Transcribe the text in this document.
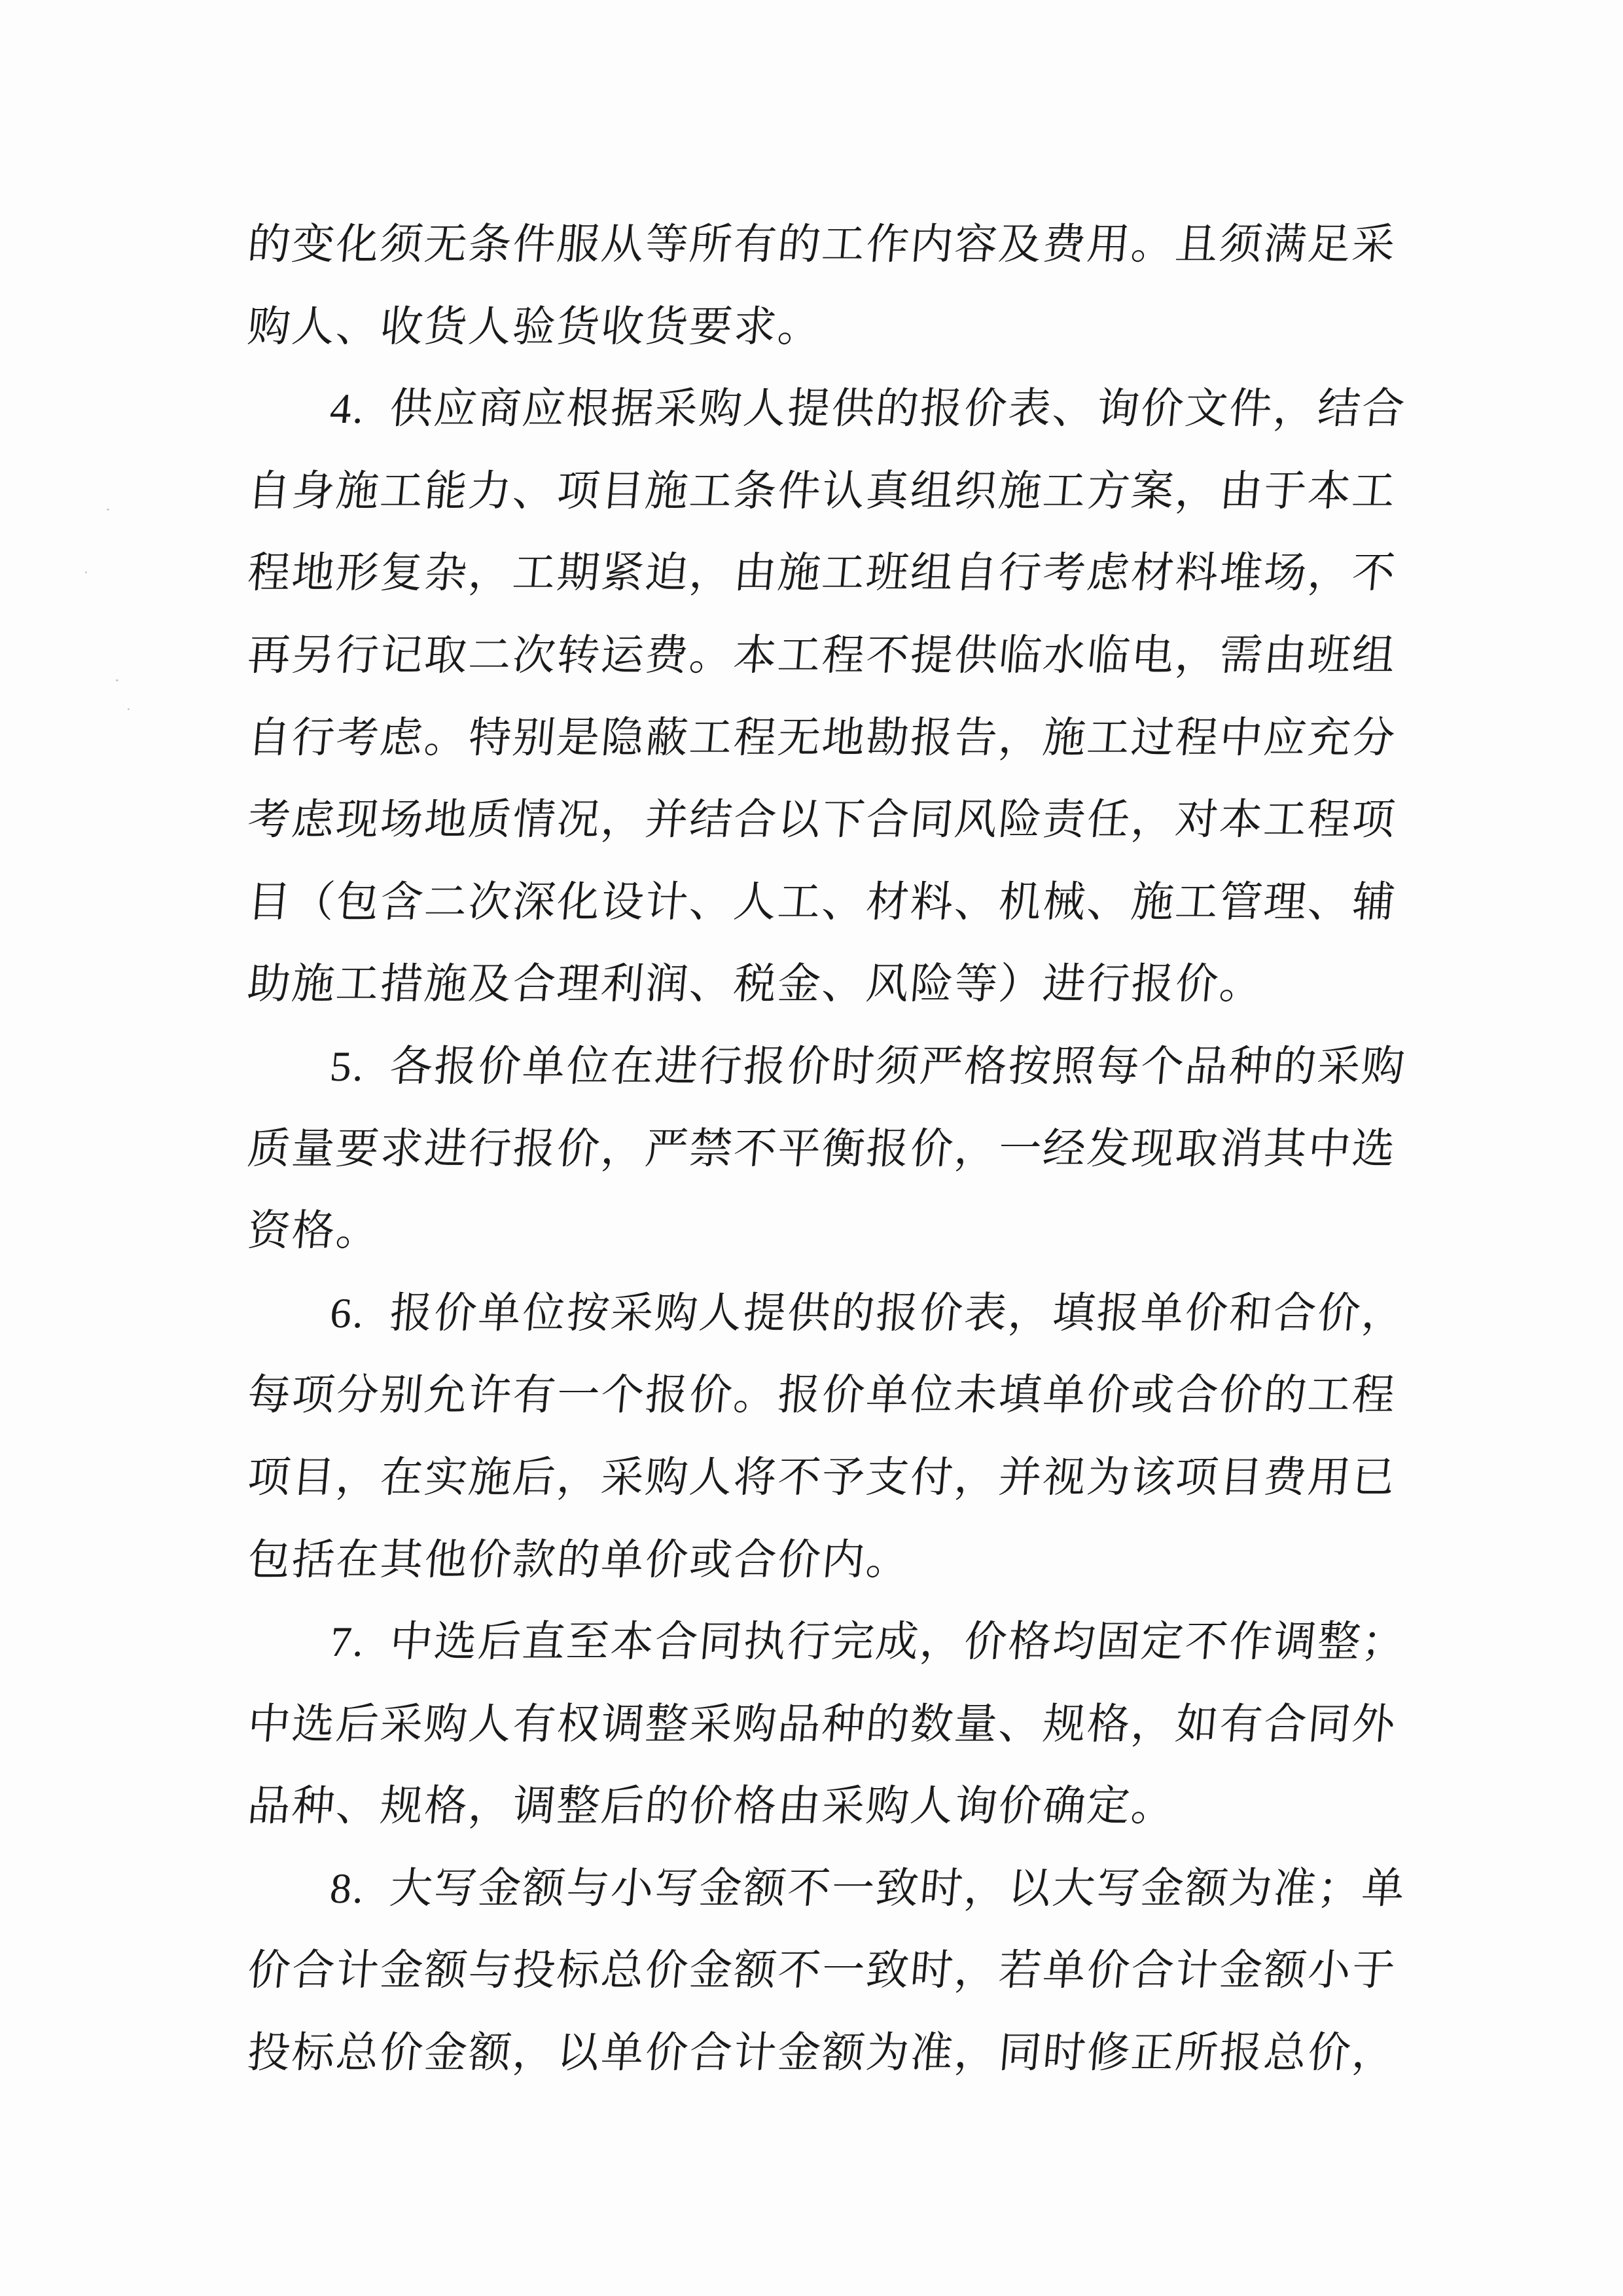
的变化须无条件服从等所有的工作内容及费用。且须满足采
购人、收货人验货收货要求。
4.  供应商应根据采购人提供的报价表、询价文件，结合
自身施工能力、项目施工条件认真组织施工方案，由于本工
程地形复杂，工期紧迫，由施工班组自行考虑材料堆场，不
再另行记取二次转运费。本工程不提供临水临电，需由班组
自行考虑。特别是隐蔽工程无地勘报告，施工过程中应充分
考虑现场地质情况，并结合以下合同风险责任，对本工程项
目（包含二次深化设计、人工、材料、机械、施工管理、辅
助施工措施及合理利润、税金、风险等）进行报价。
5.  各报价单位在进行报价时须严格按照每个品种的采购
质量要求进行报价，严禁不平衡报价，一经发现取消其中选
资格。
6.  报价单位按采购人提供的报价表，填报单价和合价，
每项分别允许有一个报价。报价单位未填单价或合价的工程
项目，在实施后，采购人将不予支付，并视为该项目费用已
包括在其他价款的单价或合价内。
7.  中选后直至本合同执行完成，价格均固定不作调整；
中选后采购人有权调整采购品种的数量、规格，如有合同外
品种、规格，调整后的价格由采购人询价确定。
8.  大写金额与小写金额不一致时，以大写金额为准；单
价合计金额与投标总价金额不一致时，若单价合计金额小于
投标总价金额，以单价合计金额为准，同时修正所报总价，
